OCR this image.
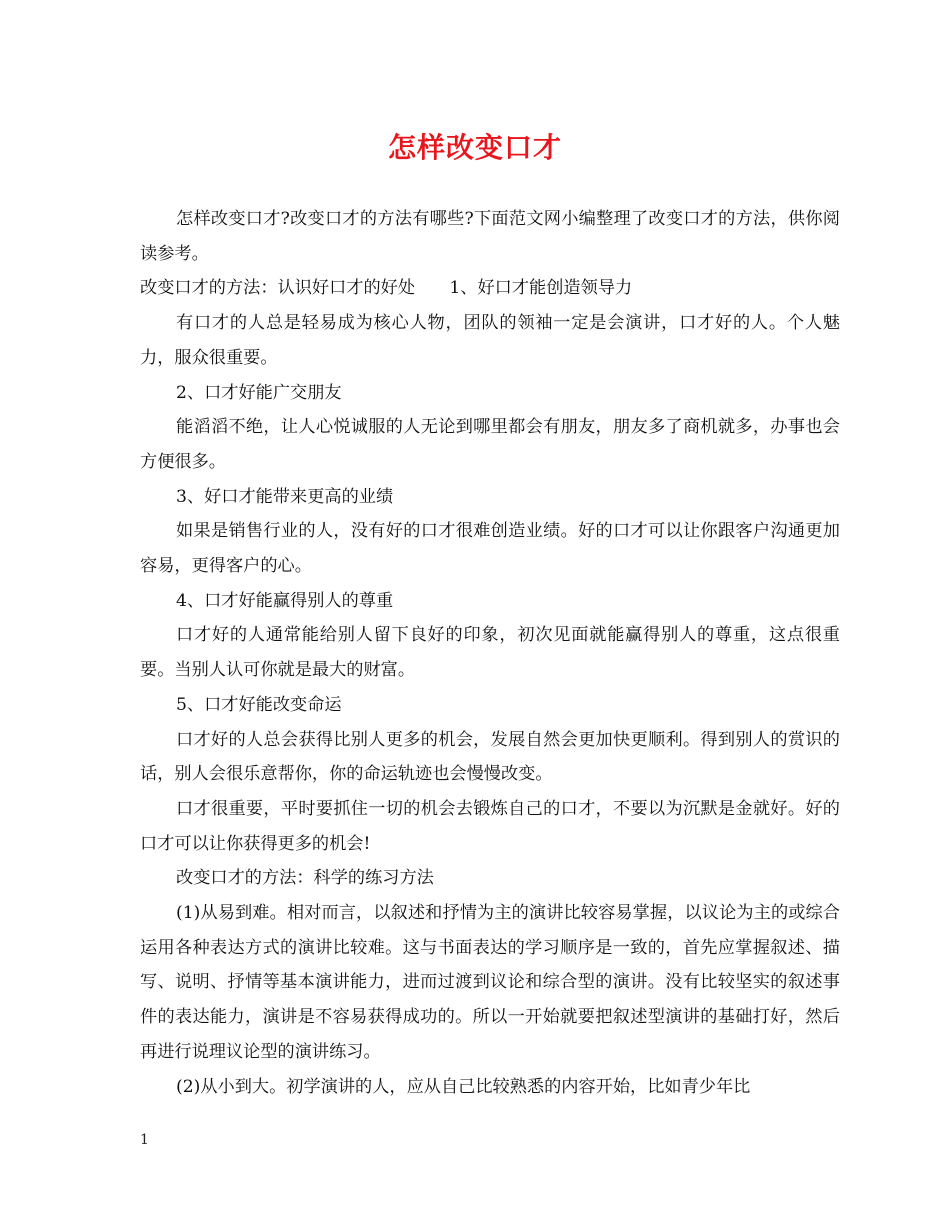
怎样改变口才

怎样改变口才?改变口才的方法有哪些?下面范文网小编整理了改变口才的方法，供你阅读参考。

改变口才的方法：认识好口才的好处　　1、好口才能创造领导力

有口才的人总是轻易成为核心人物，团队的领袖一定是会演讲，口才好的人。个人魅力，服众很重要。

2、口才好能广交朋友

能滔滔不绝，让人心悦诚服的人无论到哪里都会有朋友，朋友多了商机就多，办事也会方便很多。

3、好口才能带来更高的业绩

如果是销售行业的人，没有好的口才很难创造业绩。好的口才可以让你跟客户沟通更加容易，更得客户的心。

4、口才好能赢得别人的尊重

口才好的人通常能给别人留下良好的印象，初次见面就能赢得别人的尊重，这点很重要。当别人认可你就是最大的财富。

5、口才好能改变命运

口才好的人总会获得比别人更多的机会，发展自然会更加快更顺利。得到别人的赏识的话，别人会很乐意帮你，你的命运轨迹也会慢慢改变。

口才很重要，平时要抓住一切的机会去锻炼自己的口才，不要以为沉默是金就好。好的口才可以让你获得更多的机会!

改变口才的方法：科学的练习方法

(1)从易到难。相对而言，以叙述和抒情为主的演讲比较容易掌握，以议论为主的或综合运用各种表达方式的演讲比较难。这与书面表达的学习顺序是一致的，首先应掌握叙述、描写、说明、抒情等基本演讲能力，进而过渡到议论和综合型的演讲。没有比较坚实的叙述事件的表达能力，演讲是不容易获得成功的。所以一开始就要把叙述型演讲的基础打好，然后再进行说理议论型的演讲练习。

(2)从小到大。初学演讲的人，应从自己比较熟悉的内容开始，比如青少年比

1
